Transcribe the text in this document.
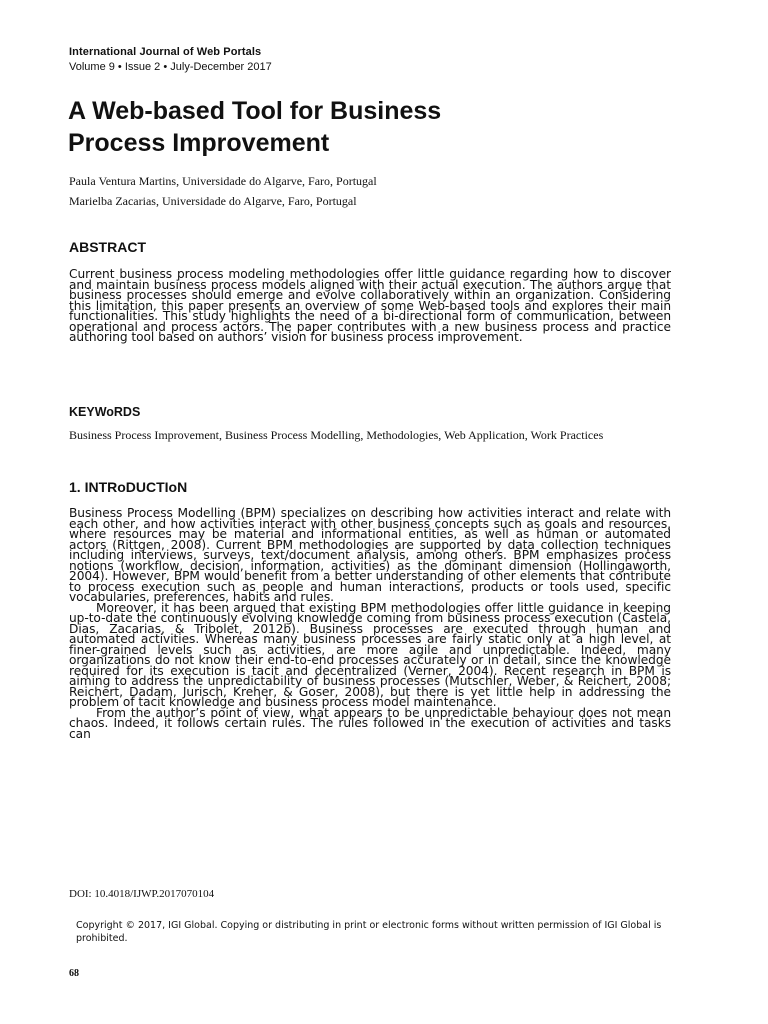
International Journal of Web Portals
Volume 9 • Issue 2 • July-December 2017
A Web-based Tool for Business
Process Improvement
Paula Ventura Martins, Universidade do Algarve, Faro, Portugal
Marielba Zacarias, Universidade do Algarve, Faro, Portugal
ABSTRACT

Current business process modeling methodologies offer little guidance regarding how to discover and maintain business process models aligned with their actual execution. The authors argue that business processes should emerge and evolve collaboratively within an organization. Considering this limitation, this paper presents an overview of some Web-based tools and explores their main functionalities. This study highlights the need of a bi-directional form of communication, between operational and process actors. The paper contributes with a new business process and practice authoring tool based on authors’ vision for business process improvement.

KEYWoRDS
Business Process Improvement, Business Process Modelling, Methodologies, Web Application, Work Practices
1. INTRoDUCTIoN

Business Process Modelling (BPM) specializes on describing how activities interact and relate with each other, and how activities interact with other business concepts such as goals and resources, where resources may be material and informational entities, as well as human or automated actors (Rittgen, 2008). Current BPM methodologies are supported by data collection techniques including interviews, surveys, text/document analysis, among others. BPM emphasizes process notions (workflow, decision, information, activities) as the dominant dimension (Hollingaworth, 2004). However, BPM would benefit from a better understanding of other elements that contribute to process execution such as people and human interactions, products or tools used, specific vocabularies, preferences, habits and rules.

Moreover, it has been argued that existing BPM methodologies offer little guidance in keeping up-to-date the continuously evolving knowledge coming from business process execution (Castela, Dias, Zacarias, & Tribolet, 2012b). Business processes are executed through human and automated activities. Whereas many business processes are fairly static only at a high level, at finer-grained levels such as activities, are more agile and unpredictable. Indeed, many organizations do not know their end-to-end processes accurately or in detail, since the knowledge required for its execution is tacit and decentralized (Verner, 2004). Recent research in BPM is aiming to address the unpredictability of business processes (Mutschler, Weber, & Reichert, 2008; Reichert, Dadam, Jurisch, Kreher, & Goser, 2008), but there is yet little help in addressing the problem of tacit knowledge and business process model maintenance.

From the author’s point of view, what appears to be unpredictable behaviour does not mean chaos. Indeed, it follows certain rules. The rules followed in the execution of activities and tasks can

DOI: 10.4018/IJWP.2017070104
Copyright © 2017, IGI Global. Copying or distributing in print or electronic forms without written permission of IGI Global is prohibited.
68
